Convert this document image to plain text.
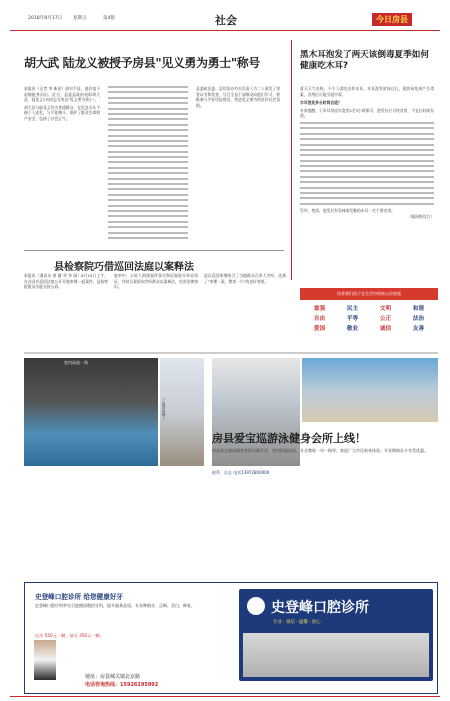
2018年8月17日 星期五	第4版	社会	今日房县
胡大武 陆龙义被授予房县"见义勇为勇士"称号

本报讯（记者 李 新安）面对歹徒，他们毫不退缩挺身而出。近日，县委县政府表彰胡大武、陆龙义2名同志为房县"见义勇为勇士"。

胡大武与陆龙义均为普通群众，在危急关头不顾个人安危，与歹徒搏斗，保护了群众生命财产安全，弘扬了社会正气。

县委政法委、县综治办有关负责人为二人颁发了荣誉证书和奖金，号召全县干部群众向他们学习，积极参与平安房县建设，营造见义勇为的良好社会氛围。

黑木耳泡发了两天该倒毒夏季如何健康吃木耳?

夏天天气炎热，不少人爱吃凉拌木耳。木耳泡发时间过长，很容易变质产生毒素，食用后可能引起中毒。

木耳泡发多长时间合适？

专家提醒，干木耳用凉水泡发2至3小时即可，泡发后应尽快食用，不宜长时间存放。

另外，变质、泡发后有异味或发黏的木耳一定不要食用。

（据网络综合）

县检察院巧借巡回法庭以案释法

本报讯（通讯员 黄 健 华 李 刚）8月15日上午，在沙河乡巡回法庭公开开庭审理一起案件，县检察院派员出庭支持公诉。

庭审中，公诉人围绕案件事实和证据展开举证质证，并结合案情向旁听群众以案释法，宣讲法律知识。

此次巡回审理吸引了当地群众百余人旁听，达到了"审理一案、教育一片"的良好效果。

培养我们孩子在生活中的核心价值观
富强	民主	文明	和谐
自由	平等	公正	法治
爱国	敬业	诚信	友善
室内泳池一角
工地现场施工
房县爱宝巡游泳健身会所上线！
房县爱宝游泳健身会所全新开业，室内恒温泳池，专业教练一对一指导，欢迎广大市民前来体验。开业期间办卡享受优惠。
联系：店长 电话13972800000
史登峰口腔诊所 给您健康好牙
史登峰口腔诊所率先引进德国数控牙科，提升服务品质，专业种植牙、正畸、美白、修复。
店庆 550元一颗，前牙 350元一颗。
地址：房县城关镇北京路
电话咨询热线：15926195992
史登峰口腔诊所
专业 · 诚信 · 温馨 · 放心
